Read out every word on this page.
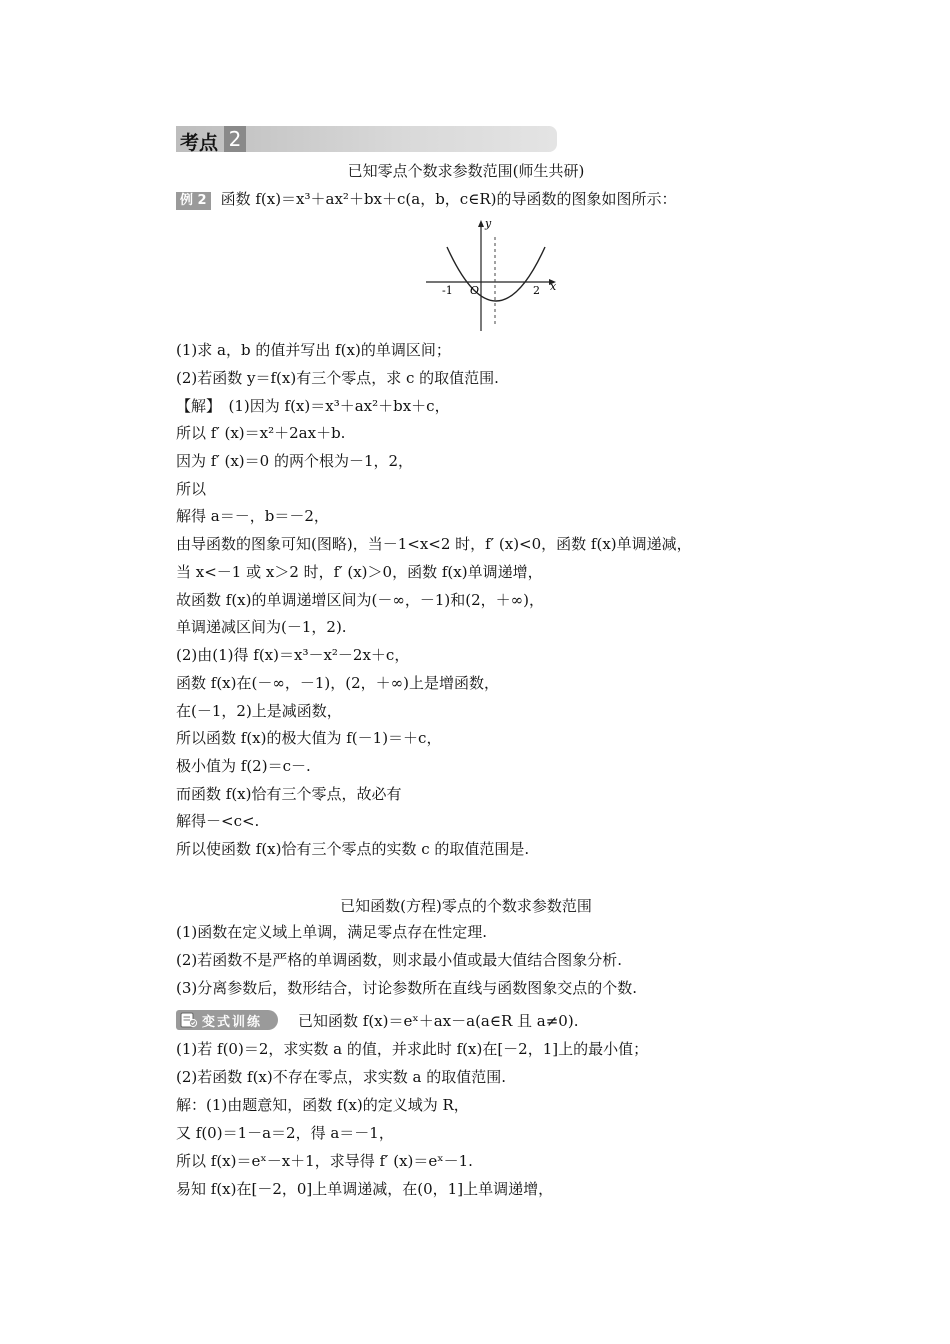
考点 2
已知零点个数求参数范围(师生共研)
例 2 函数 f(x)＝x³＋ax²＋bx＋c(a，b，c∈R)的导函数的图象如图所示：
y
x
-1 O	2
(1)求 a，b 的值并写出 f(x)的单调区间；
(2)若函数 y＝f(x)有三个零点，求 c 的取值范围.
【解】　(1)因为 f(x)＝x³＋ax²＋bx＋c，
所以 f′ (x)＝x²＋2ax＋b.
因为 f′ (x)＝0 的两个根为－1，2，
所以
解得 a＝－，b＝－2，
由导函数的图象可知(图略)，当－1<x<2 时，f′ (x)<0，函数 f(x)单调递减，
当 x<－1 或 x＞2 时，f′ (x)＞0，函数 f(x)单调递增，
故函数 f(x)的单调递增区间为(－∞，－1)和(2，＋∞)，
单调递减区间为(－1，2).
(2)由(1)得 f(x)＝x³－x²－2x＋c，
函数 f(x)在(－∞，－1)，(2，＋∞)上是增函数，
在(－1，2)上是减函数，
所以函数 f(x)的极大值为 f(－1)＝＋c，
极小值为 f(2)＝c－.
而函数 f(x)恰有三个零点，故必有
解得－<c<.
所以使函数 f(x)恰有三个零点的实数 c 的取值范围是.
已知函数(方程)零点的个数求参数范围
(1)函数在定义域上单调，满足零点存在性定理.
(2)若函数不是严格的单调函数，则求最小值或最大值结合图象分析.
(3)分离参数后，数形结合，讨论参数所在直线与函数图象交点的个数.
变式训练 已知函数 f(x)＝eˣ＋ax－a(a∈R 且 a≠0).
(1)若 f(0)＝2，求实数 a 的值，并求此时 f(x)在[－2，1]上的最小值；
(2)若函数 f(x)不存在零点，求实数 a 的取值范围.
解：(1)由题意知，函数 f(x)的定义域为 R，
又 f(0)＝1－a＝2，得 a＝－1，
所以 f(x)＝eˣ－x＋1，求导得 f′ (x)＝eˣ－1.
易知 f(x)在[－2，0]上单调递减，在(0，1]上单调递增，
